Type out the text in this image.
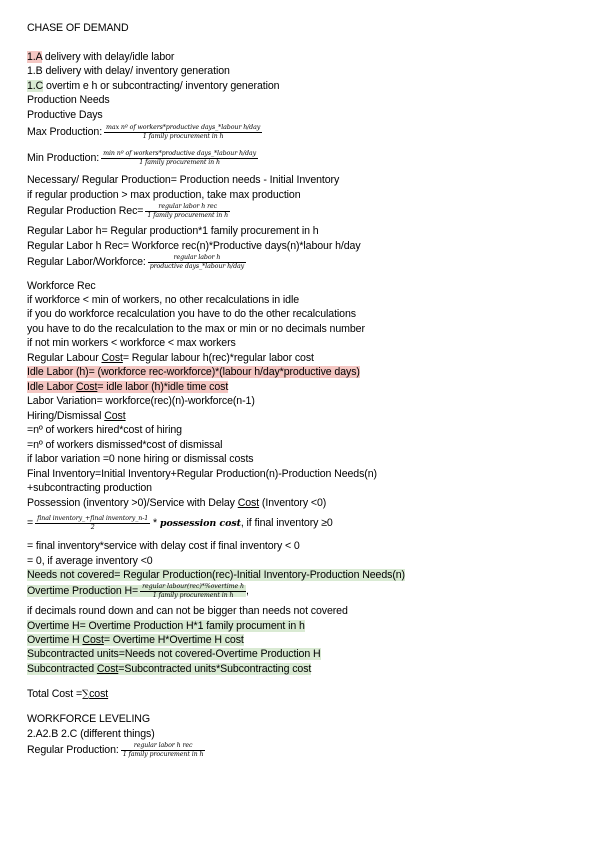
CHASE OF DEMAND
1.A delivery with delay/idle labor
1.B delivery with delay/ inventory generation
1.C overtim e h or subcontracting/ inventory generation
Production Needs
Productive Days
Max Production: $\frac{\text{max nº of workers*productive days\_*labour h/day}}{\text{1 family procurement in h}}$
Min Production: $\frac{\text{min nº of workers*productive days\_*labour h/day}}{\text{1 family procurement in h}}$
Necessary/ Regular Production= Production needs - Initial Inventory
if regular production > max production, take max production
Regular Production $Rec= \frac{\text{regular labor h rec}}{\text{1 family procurement in h}}$
Regular Labor h= Regular production*1 family procurement in h
Regular Labor h Rec= Workforce rec(n)*Productive days(n)*labour h/day
Regular Labor/Workforce: $\frac{\text{regular labor h}}{\text{productive days\_*labour h/day}}$
Workforce Rec
if workforce < min of workers, no other recalculations in idle
if you do workforce recalculation you have to do the other recalculations
you have to do the recalculation to the max or min or no decimals number
if not min workers < workforce < max workers
Regular Labour Cost= Regular labour h(rec)*regular labor cost
Idle Labor (h)= (workforce rec-workforce)*(labour h/day*productive days)
Idle Labor Cost= idle labor (h)*idle time cost
Labor Variation= workforce(rec)(n)-workforce(n-1)
Hiring/Dismissal Cost
=nº of workers hired*cost of hiring
=nº of workers dismissed*cost of dismissal
if labor variation =0 none hiring or dismissal costs
Final Inventory=Initial Inventory+Regular Production(n)-Production Needs(n)
+subcontracting production
Possession (inventory >0)/Service with Delay Cost (Inventory <0)
= $\frac{\text{final inventory\_+final inventory\_n-1}}{2}$ * possession cost, if final inventory ≥0
= final inventory*service with delay cost if final inventory < 0
= 0, if average inventory <0
Needs not covered= Regular Production(rec)-Initial Inventory-Production Needs(n)
Overtime Production $H= \frac{\text{regular labour(rec)*\%overtime h}}{\text{1 family procurement in h}}$ ,
if decimals round down and can not be bigger than needs not covered
Overtime H= Overtime Production H*1 family procument in h
Overtime H Cost= Overtime H*Overtime H cost
Subcontracted units=Needs not covered-Overtime Production H
Subcontracted Cost=Subcontracted units*Subcontracting cost
Total Cost =∑cost
WORKFORCE LEVELING
2.A2.B 2.C (different things)
Regular Production: $\frac{\text{regular labor h rec}}{\text{1 family procurement in h}}$
